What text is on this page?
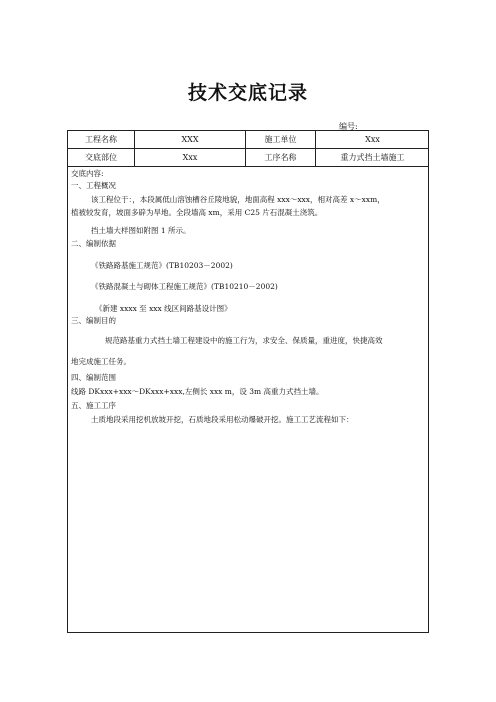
技术交底记录
编号:
工程名称	XXX	施工单位	Xxx
交底部位	Xxx	工序名称	重力式挡土墙施工
交底内容:
一、工程概况
该工程位于：，本段属低山溶蚀槽谷丘陵地貌，地面高程 xxx～xxx，相对高差 x～xxm，
植被较发育，坡面多辟为旱地。全段墙高 xm，采用 C25 片石混凝土浇筑。
挡土墙大样图如附图 1 所示。
二、编制依据
《铁路路基施工规范》(TB10203－2002)
《铁路混凝土与砌体工程施工规范》(TB10210－2002)
《新建 xxxx 至 xxx 线区间路基设计图》
三、编制目的
规范路基重力式挡土墙工程建设中的施工行为，求安全、保质量，重进度，快捷高效
地完成施工任务。
四、编制范围
线路 DKxxx+xxx～DKxxx+xxx,左侧长 xxx m，设 3m 高重力式挡土墙。
五、施工工序
土质地段采用挖机放坡开挖，石质地段采用松动爆破开挖。施工工艺流程如下：
